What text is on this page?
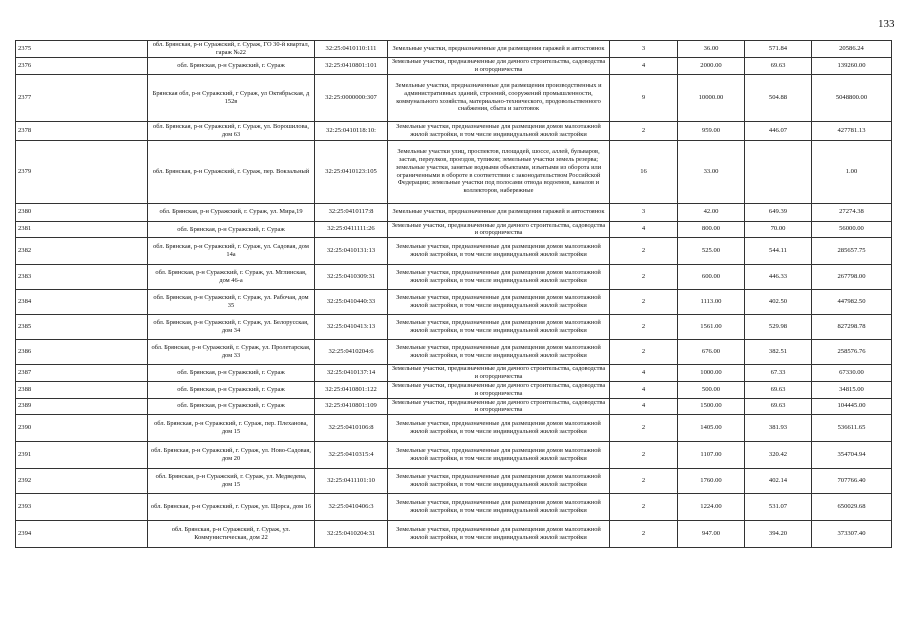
133
2375		обл. Брянская, р-н Суражский, г. Сураж, ГО 30-й квартал, гараж №22	32:25:0410110:111	Земельные участки, предназначенные для размещения гаражей и автостоянок	3	36.00	571.84	20586.24
2376		обл. Брянская, р-н Суражский, г. Сураж	32:25:0410801:101	Земельные участки, предназначенные для дачного строительства, садоводства и огородничества	4	2000.00	69.63	139260.00
2377		Брянская обл, р-н Суражский, г Сураж, ул Октябрьская, д 152в	32:25:0000000:307	Земельные участки, предназначенные для размещения производственных и административных зданий, строений, сооружений промышленности, коммунального хозяйства, материально-технического, продовольственного снабжения, сбыта и заготовок	9	10000.00	504.88	5048800.00
2378		обл. Брянская, р-н Суражский, г. Сураж, ул. Ворошилова, дом 63	32:25:0410118:10:	Земельные участки, предназначенные для размещения домов малоэтажной жилой застройки, в том числе индивидуальной жилой застройки	2	959.00	446.07	427781.13
2379		обл. Брянская, р-н Суражский, г. Сураж, пер. Вокзальный	32:25:0410123:105	Земельные участки улиц, проспектов, площадей, шоссе, аллей, бульваров, застав, переулков, проездов, тупиков; земельные участки земель резерва; земельные участки, занятые водными объектами, изъятыми из оборота или ограниченными в обороте в соответствии с законодательством Российской Федерации; земельные участки под полосами отвода водоемов, каналов и коллекторов, набережные	16	33.00		1.00
2380		обл. Брянская, р-н Суражский, г. Сураж, ул. Мира,19	32:25:0410117:8	Земельные участки, предназначенные для размещения гаражей и автостоянок	3	42.00	649.39	27274.38
2381		обл. Брянская, р-н Суражский, г. Сураж	32:25:0411111:26	Земельные участки, предназначенные для дачного строительства, садоводства и огородничества	4	800.00	70.00	56000.00
2382		обл. Брянская, р-н Суражский, г. Сураж, ул. Садовая, дом 14а	32:25:0410131:13	Земельные участки, предназначенные для размещения домов малоэтажной жилой застройки, в том числе индивидуальной жилой застройки	2	525.00	544.11	285657.75
2383		обл. Брянская, р-н Суражский, г. Сураж, ул. Мглинская, дом 46-а	32:25:0410309:31	Земельные участки, предназначенные для размещения домов малоэтажной жилой застройки, в том числе индивидуальной жилой застройки	2	600.00	446.33	267798.00
2384		обл. Брянская, р-н Суражский, г. Сураж, ул. Рабочая, дом 35	32:25:0410440:33	Земельные участки, предназначенные для размещения домов малоэтажной жилой застройки, в том числе индивидуальной жилой застройки	2	1113.00	402.50	447982.50
2385		обл. Брянская, р-н Суражский, г. Сураж, ул. Белорусская, дом 34	32:25:0410413:13	Земельные участки, предназначенные для размещения домов малоэтажной жилой застройки, в том числе индивидуальной жилой застройки	2	1561.00	529.98	827298.78
2386		обл. Брянская, р-н Суражский, г. Сураж, ул. Пролетарская, дом 33	32:25:0410204:6	Земельные участки, предназначенные для размещения домов малоэтажной жилой застройки, в том числе индивидуальной жилой застройки	2	676.00	382.51	258576.76
2387		обл. Брянская, р-н Суражский, г. Сураж	32:25:0410137:14	Земельные участки, предназначенные для дачного строительства, садоводства и огородничества	4	1000.00	67.33	67330.00
2388		обл. Брянская, р-н Суражский, г. Сураж	32:25:0410801:122	Земельные участки, предназначенные для дачного строительства, садоводства и огородничества	4	500.00	69.63	34815.00
2389		обл. Брянская, р-н Суражский, г. Сураж	32:25:0410801:109	Земельные участки, предназначенные для дачного строительства, садоводства и огородничества	4	1500.00	69.63	104445.00
2390		обл. Брянская, р-н Суражский, г. Сураж, пер. Плеханова, дом 15	32:25:0410106:8	Земельные участки, предназначенные для размещения домов малоэтажной жилой застройки, в том числе индивидуальной жилой застройки	2	1405.00	381.93	536611.65
2391		обл. Брянская, р-н Суражский, г. Сураж, ул. Ново-Садовая, дом 20	32:25:0410315:4	Земельные участки, предназначенные для размещения домов малоэтажной жилой застройки, в том числе индивидуальной жилой застройки	2	1107.00	320.42	354704.94
2392		обл. Брянская, р-н Суражский, г. Сураж, ул. Медведева, дом 15	32:25:0411101:10	Земельные участки, предназначенные для размещения домов малоэтажной жилой застройки, в том числе индивидуальной жилой застройки	2	1760.00	402.14	707766.40
2393		обл. Брянская, р-н Суражский, г. Сураж, ул. Щорса, дом 16	32:25:0410406:3	Земельные участки, предназначенные для размещения домов малоэтажной жилой застройки, в том числе индивидуальной жилой застройки	2	1224.00	531.07	650029.68
2394		обл. Брянская, р-н Суражский, г. Сураж, ул. Коммунистическая, дом 22	32:25:0410204:31	Земельные участки, предназначенные для размещения домов малоэтажной жилой застройки, в том числе индивидуальной жилой застройки	2	947.00	394.20	373307.40
